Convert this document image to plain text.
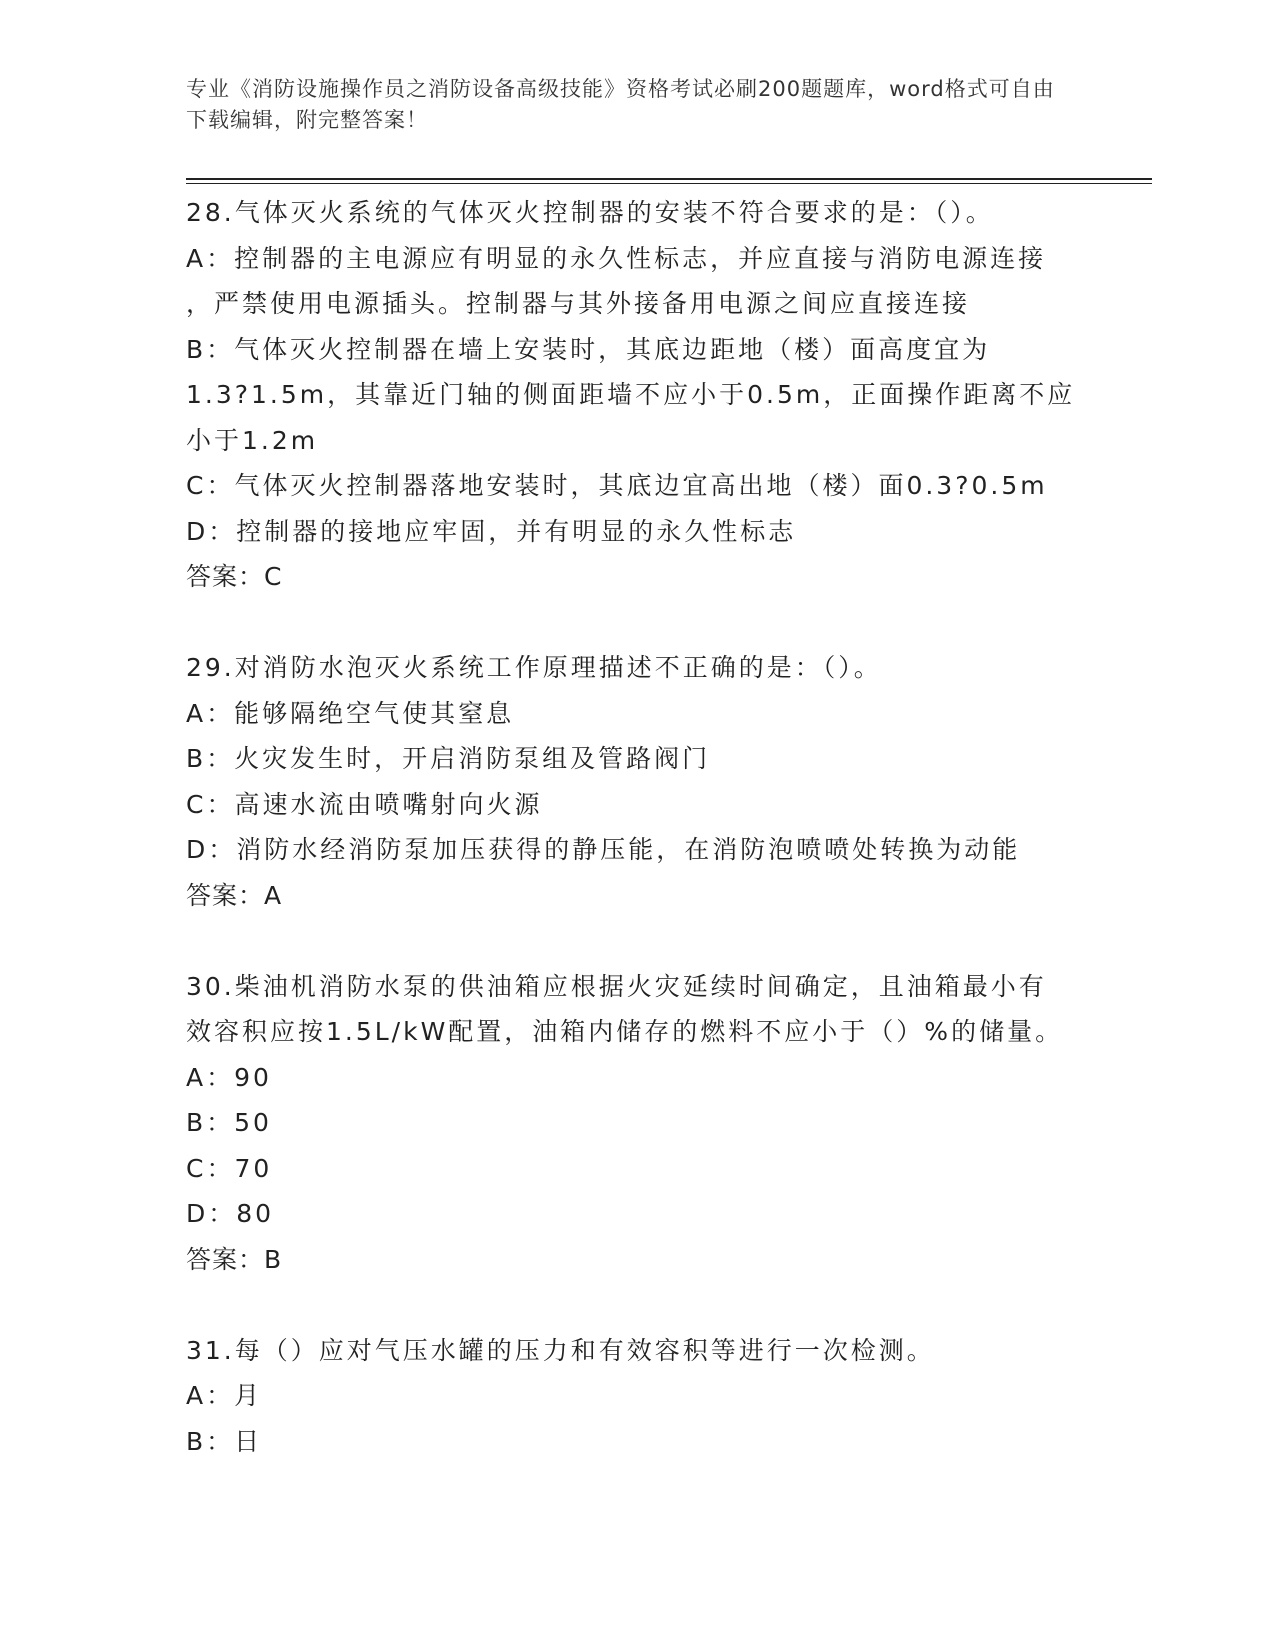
专业《消防设施操作员之消防设备高级技能》资格考试必刷200题题库，word格式可自由下载编辑，附完整答案！

28.气体灭火系统的气体灭火控制器的安装不符合要求的是：（）。

A：控制器的主电源应有明显的永久性标志，并应直接与消防电源连接

，严禁使用电源插头。控制器与其外接备用电源之间应直接连接

B：气体灭火控制器在墙上安装时，其底边距地（楼）面高度宜为

1.3?1.5m，其靠近门轴的侧面距墙不应小于0.5m，正面操作距离不应

小于1.2m

C：气体灭火控制器落地安装时，其底边宜高出地（楼）面0.3?0.5m

D：控制器的接地应牢固，并有明显的永久性标志

答案：C

29.对消防水泡灭火系统工作原理描述不正确的是：（）。

A：能够隔绝空气使其窒息

B：火灾发生时，开启消防泵组及管路阀门

C：高速水流由喷嘴射向火源

D：消防水经消防泵加压获得的静压能，在消防泡喷喷处转换为动能

答案：A

30.柴油机消防水泵的供油箱应根据火灾延续时间确定，且油箱最小有

效容积应按1.5L/kW配置，油箱内储存的燃料不应小于（）%的储量。

A：90

B：50

C：70

D：80

答案：B

31.每（）应对气压水罐的压力和有效容积等进行一次检测。

A：月

B：日
